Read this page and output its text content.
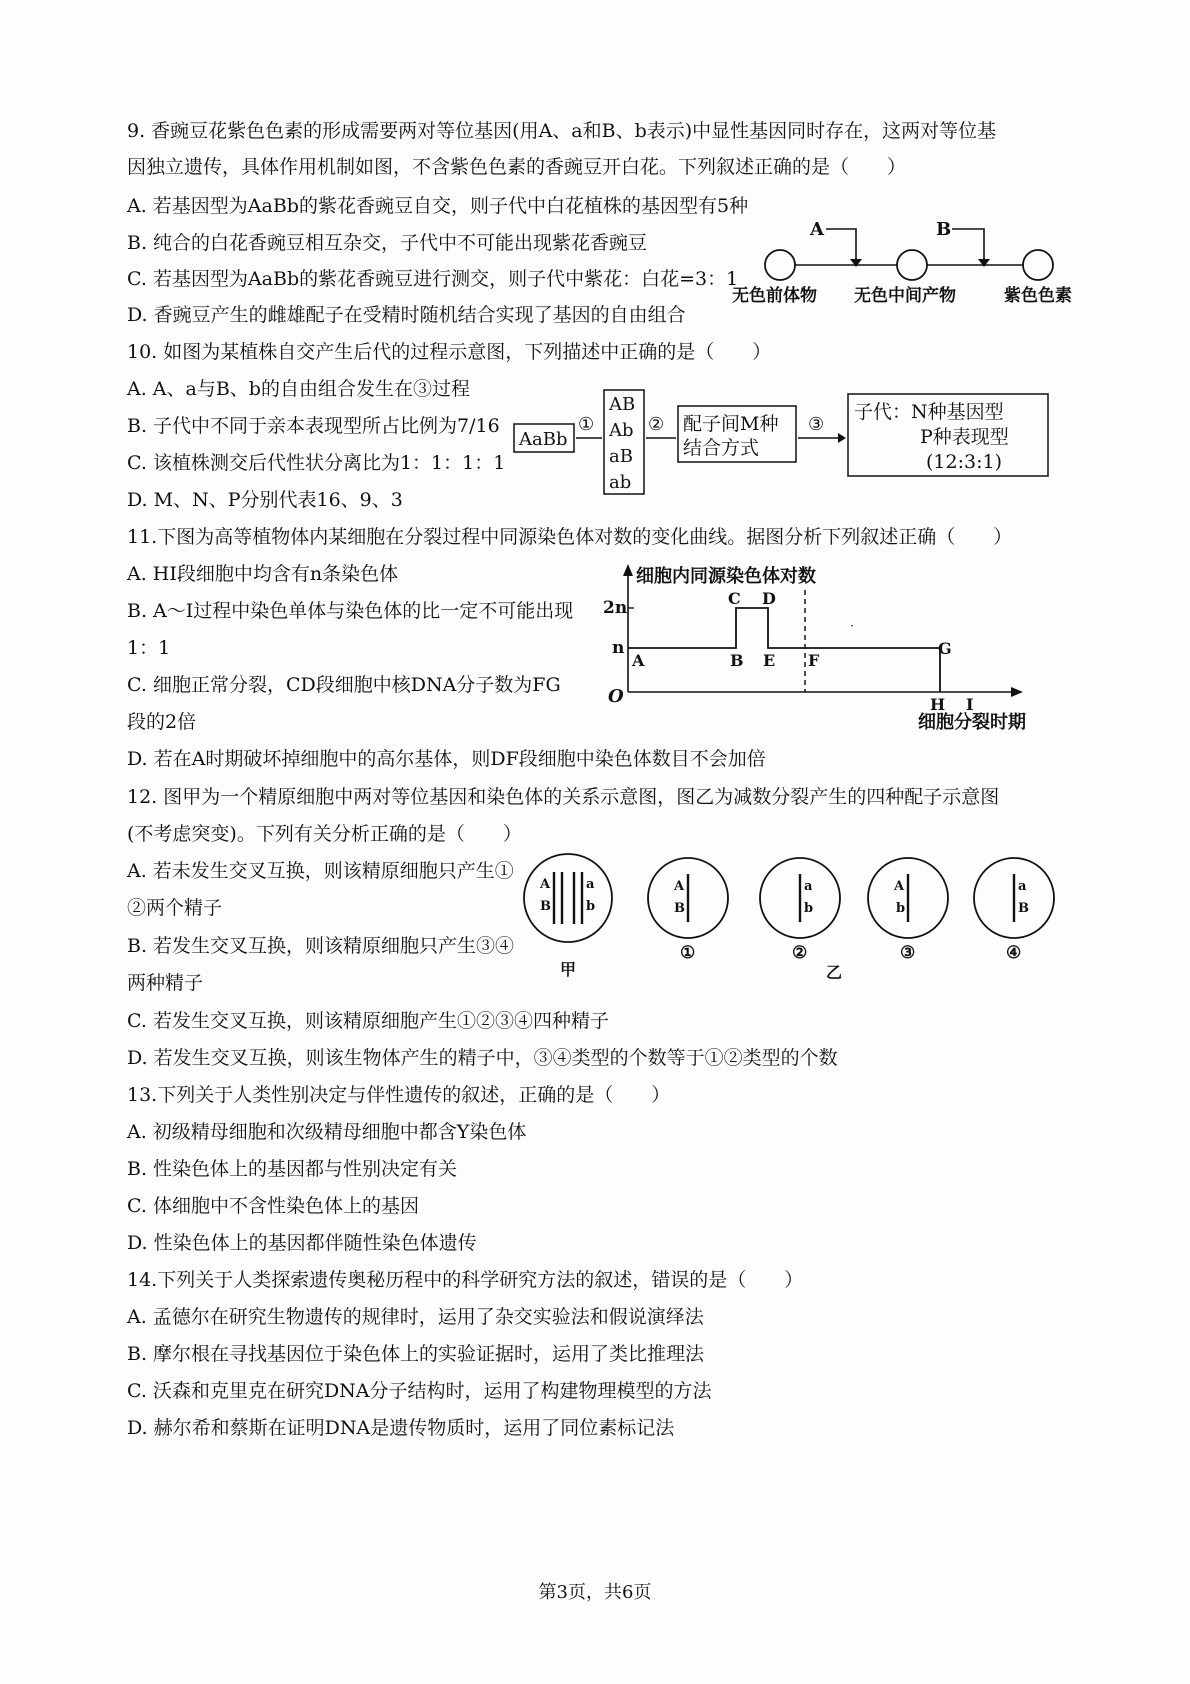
9. 香豌豆花紫色色素的形成需要两对等位基因(用A、a和B、b表示)中显性基因同时存在，这两对等位基
因独立遗传，具体作用机制如图，不含紫色色素的香豌豆开白花。下列叙述正确的是（　　）
A. 若基因型为AaBb的紫花香豌豆自交，则子代中白花植株的基因型有5种
B. 纯合的白花香豌豆相互杂交，子代中不可能出现紫花香豌豆
C. 若基因型为AaBb的紫花香豌豆进行测交，则子代中紫花：白花=3：1
D. 香豌豆产生的雌雄配子在受精时随机结合实现了基因的自由组合
A	B
无色前体物 无色中间产物	紫色色素
10. 如图为某植株自交产生后代的过程示意图，下列描述中正确的是（　　）
A. A、a与B、b的自由组合发生在③过程
B. 子代中不同于亲本表现型所占比例为7/16
C. 该植株测交后代性状分离比为1：1：1：1
D. M、N、P分别代表16、9、3
AaBb
①
AB
Ab
aB
ab
② 配子间M种
结合方式
③
子代：N种基因型
P种表现型
(12:3:1)
11.下图为高等植物体内某细胞在分裂过程中同源染色体对数的变化曲线。据图分析下列叙述正确（　　）
A. HI段细胞中均含有n条染色体
B. A～I过程中染色单体与染色体的比一定不可能出现
1：1
C. 细胞正常分裂，CD段细胞中核DNA分子数为FG
段的2倍
D. 若在A时期破坏掉细胞中的高尔基体，则DF段细胞中染色体数目不会加倍
细胞内同源染色体对数
细胞分裂时期
2n
n
O
A	B
C D
E F
G
H I
·
12. 图甲为一个精原细胞中两对等位基因和染色体的关系示意图，图乙为减数分裂产生的四种配子示意图
(不考虑突变)。下列有关分析正确的是（　　）
A. 若未发生交叉互换，则该精原细胞只产生①
②两个精子
B. 若发生交叉互换，则该精原细胞只产生③④
两种精子
C. 若发生交叉互换，则该精原细胞产生①②③④四种精子
D. 若发生交叉互换，则该生物体产生的精子中，③④类型的个数等于①②类型的个数
A
B
a
b
甲
A
B
①
a
b
②
乙
A
b
③
a
B
④
13.下列关于人类性别决定与伴性遗传的叙述，正确的是（　　）
A. 初级精母细胞和次级精母细胞中都含Y染色体
B. 性染色体上的基因都与性别决定有关
C. 体细胞中不含性染色体上的基因
D. 性染色体上的基因都伴随性染色体遗传
14.下列关于人类探索遗传奥秘历程中的科学研究方法的叙述，错误的是（　　）
A. 孟德尔在研究生物遗传的规律时，运用了杂交实验法和假说演绎法
B. 摩尔根在寻找基因位于染色体上的实验证据时，运用了类比推理法
C. 沃森和克里克在研究DNA分子结构时，运用了构建物理模型的方法
D. 赫尔希和蔡斯在证明DNA是遗传物质时，运用了同位素标记法
第3页，共6页
